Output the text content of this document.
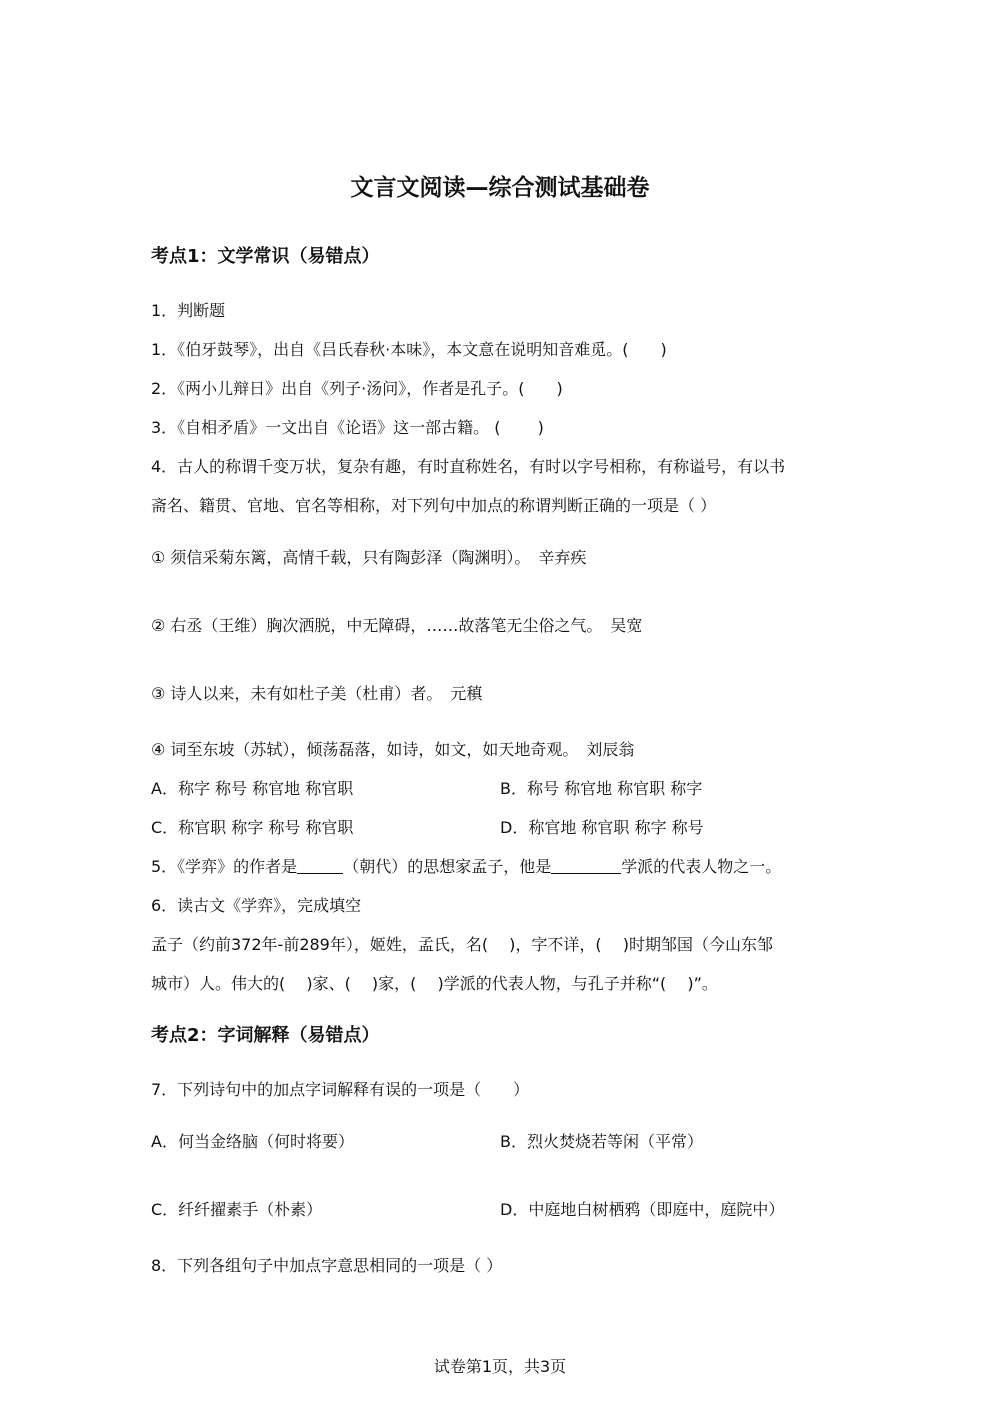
文言文阅读—综合测试基础卷
考点1：文学常识（易错点）
1．判断题
1．《伯牙鼓琴》，出自《吕氏春秋·本味》，本文意在说明知音难觅。(　　)
2．《两小儿辩日》出自《列子·汤问》，作者是孔子。(　　)
3．《自相矛盾》一文出自《论语》这一部古籍。 (　　 )
4．古人的称谓千变万状，复杂有趣，有时直称姓名，有时以字号相称，有称谥号，有以书
斋名、籍贯、官地、官名等相称，对下列句中加点的称谓判断正确的一项是（ ）
① 须信采菊东篱，高情千载，只有陶彭泽（陶渊明）。　辛弃疾
② 右丞（王维）胸次洒脱，中无障碍，……故落笔无尘俗之气。　吴宽
③ 诗人以来，未有如杜子美（杜甫）者。　元稹
④ 词至东坡（苏轼），倾荡磊落，如诗，如文，如天地奇观。　刘辰翁
A．称字 称号 称官地 称官职	B．称号 称官地 称官职 称字
C．称官职 称字 称号 称官职	D．称官地 称官职 称字 称号
5．《学弈》的作者是	（朝代）的思想家孟子，他是	学派的代表人物之一。
6．读古文《学弈》，完成填空
孟子（约前372年-前289年），姬姓，孟氏，名(　 )，字不详，(　 )时期邹国（今山东邹
城市）人。伟大的(　 )家、(　 )家，(　 )学派的代表人物，与孔子并称“(　 )”。
考点2：字词解释（易错点）
7．下列诗句中的加点字词解释有误的一项是（　　）
A．何当金络脑（何时将要）	B．烈火焚烧若等闲（平常）
C．纤纤擢素手（朴素）	D．中庭地白树栖鸦（即庭中，庭院中）
8．下列各组句子中加点字意思相同的一项是（ ）
试卷第1页，共3页
